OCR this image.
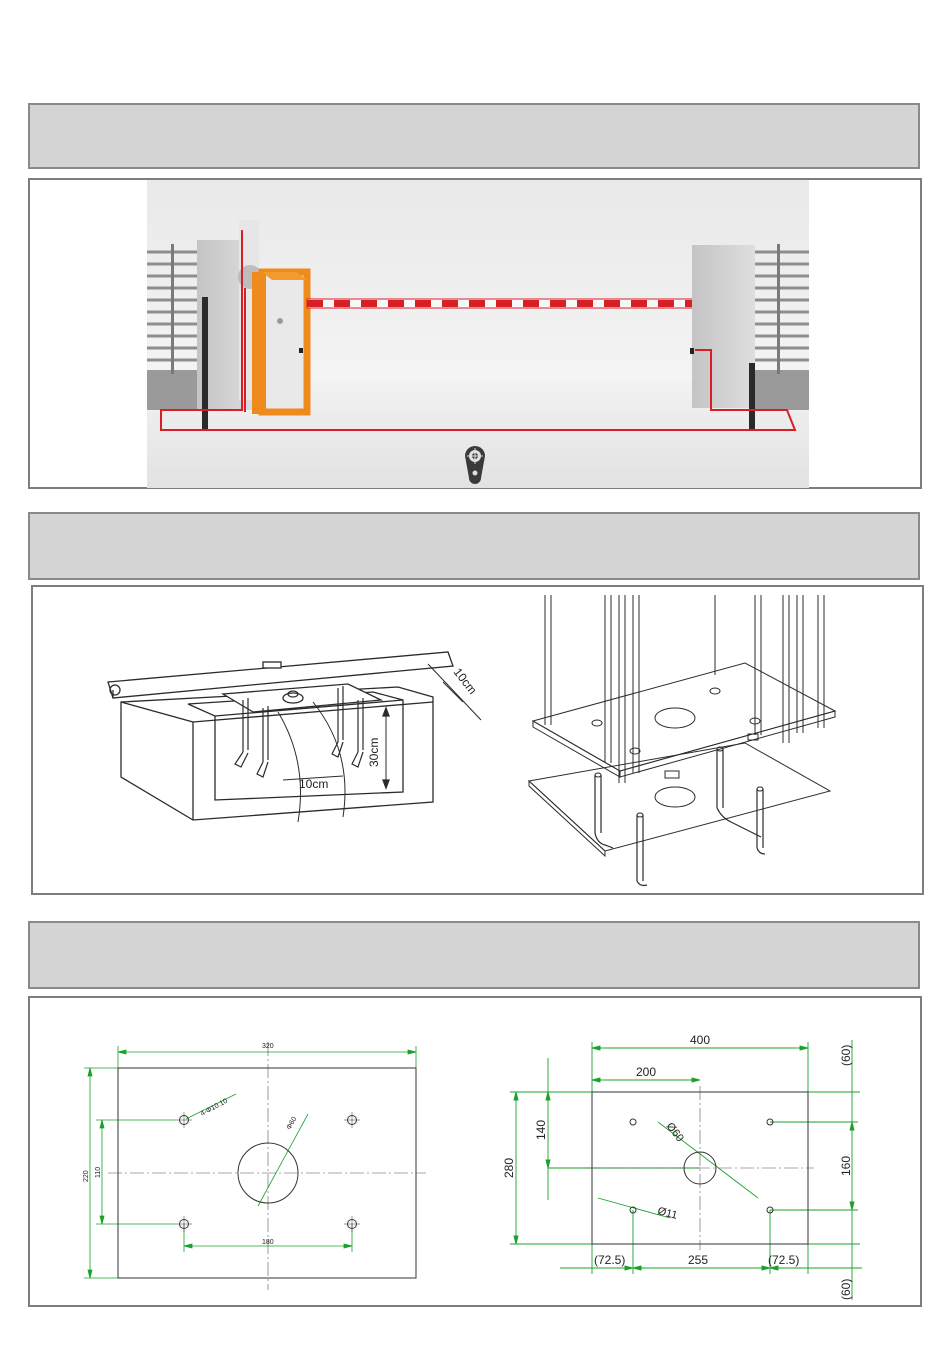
10cm
30cm
10cm
320
220 110
180
4-Φ10.10
Φ60
400
200
280
140
160
(60)
(60)
(72.5)	255	(72.5)
Ø60
Ø11
